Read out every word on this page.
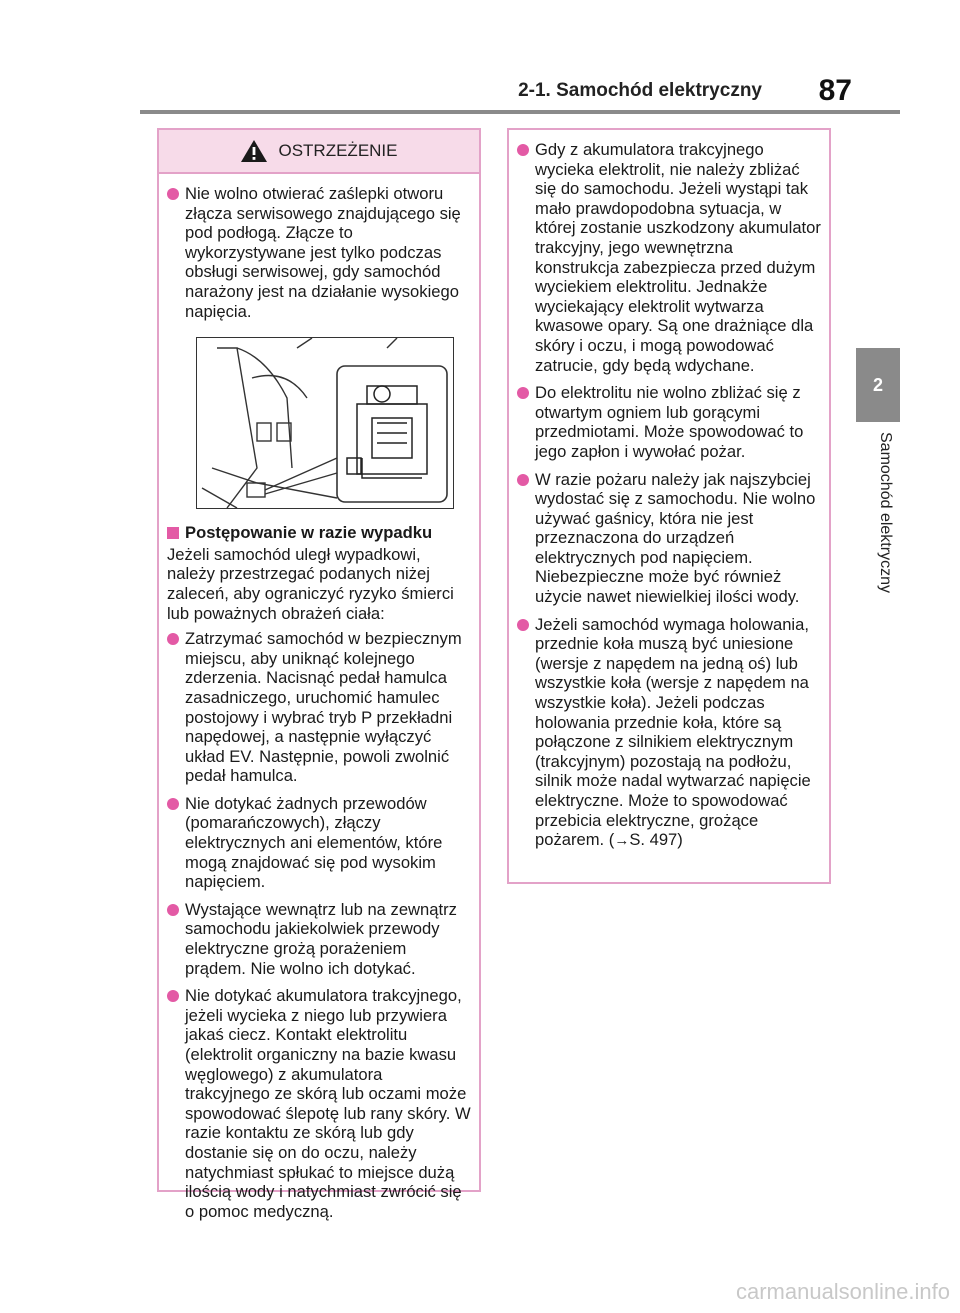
2-1. Samochód elektryczny 87
2
Samochód elektryczny
OSTRZEŻENIE
Nie wolno otwierać zaślepki otworu złącza serwisowego znajdującego się pod podłogą. Złącze to wykorzystywane jest tylko podczas obsługi serwisowej, gdy samochód narażony jest na działanie wysokiego napięcia.
Postępowanie w razie wypadku
Jeżeli samochód uległ wypadkowi, należy przestrzegać podanych niżej zaleceń, aby ograniczyć ryzyko śmierci lub poważnych obrażeń ciała:
Zatrzymać samochód w bezpiecznym miejscu, aby uniknąć kolejnego zderzenia. Nacisnąć pedał hamulca zasadniczego, uruchomić hamulec postojowy i wybrać tryb P przekładni napędowej, a następnie wyłączyć układ EV. Następnie, powoli zwolnić pedał hamulca.
Nie dotykać żadnych przewodów (pomarańczowych), złączy elektrycznych ani elementów, które mogą znajdować się pod wysokim napięciem.
Wystające wewnątrz lub na zewnątrz samochodu jakiekolwiek przewody elektryczne grożą porażeniem prądem. Nie wolno ich dotykać.
Nie dotykać akumulatora trakcyjnego, jeżeli wycieka z niego lub przywiera jakaś ciecz. Kontakt elektrolitu (elektrolit organiczny na bazie kwasu węglowego) z akumulatora trakcyjnego ze skórą lub oczami może spowodować ślepotę lub rany skóry. W razie kontaktu ze skórą lub gdy dostanie się on do oczu, należy natychmiast spłukać to miejsce dużą ilością wody i natychmiast zwrócić się o pomoc medyczną.
Gdy z akumulatora trakcyjnego wycieka elektrolit, nie należy zbliżać się do samochodu. Jeżeli wystąpi tak mało prawdopodobna sytuacja, w której zostanie uszkodzony akumulator trakcyjny, jego wewnętrzna konstrukcja zabezpiecza przed dużym wyciekiem elektrolitu. Jednakże wyciekający elektrolit wytwarza kwasowe opary. Są one drażniące dla skóry i oczu, i mogą powodować zatrucie, gdy będą wdychane.
Do elektrolitu nie wolno zbliżać się z otwartym ogniem lub gorącymi przedmiotami. Może spowodować to jego zapłon i wywołać pożar.
W razie pożaru należy jak najszybciej wydostać się z samochodu. Nie wolno używać gaśnicy, która nie jest przeznaczona do urządzeń elektrycznych pod napięciem. Niebezpieczne może być również użycie nawet niewielkiej ilości wody.
Jeżeli samochód wymaga holowania, przednie koła muszą być uniesione (wersje z napędem na jedną oś) lub wszystkie koła (wersje z napędem na wszystkie koła). Jeżeli podczas holowania przednie koła, które są połączone z silnikiem elektrycznym (trakcyjnym) pozostają na podłożu, silnik może nadal wytwarzać napięcie elektryczne. Może to spowodować przebicia elektryczne, grożące pożarem. (→S. 497)
carmanualsonline.info
